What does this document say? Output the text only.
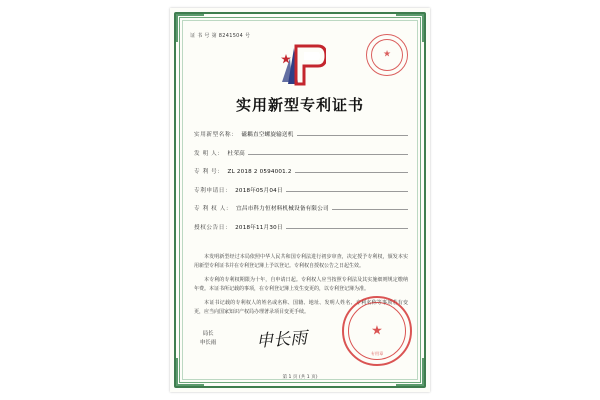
证 书 号 第 8241504 号
★
实用新型专利证书
实用新型名称： 磁耦直空螺旋输送机
发 明 人： 杜荣高
专 利 号： ZL 2018 2 0594001.2
专利申请日： 2018年05月04日
专 利 权 人： 宜昌市科力恒材料机械设备有限公司
授权公告日： 2018年11月30日

本发明新型经过本局依照中华人民共和国专利法进行初步审查，决定授予专利权，颁发本实用新型专利证书并在专利登记簿上予以登记。专利权自授权公告之日起生效。

本专利的专利权期限为十年，自申请日起。专利权人应当按照专利法及其实施细则规定缴纳年费。本证书所记载的事项，在专利登记簿上发生变更的，以专利登记簿为准。

本证书记载的专利权人的姓名或名称、国籍、地址、发明人姓名、专利名称等事项若有变更，应当向国家知识产权局办理著录项目变更手续。

局长
申长雨 申长雨	★
专用章
第 1 页 (共 1 页)
